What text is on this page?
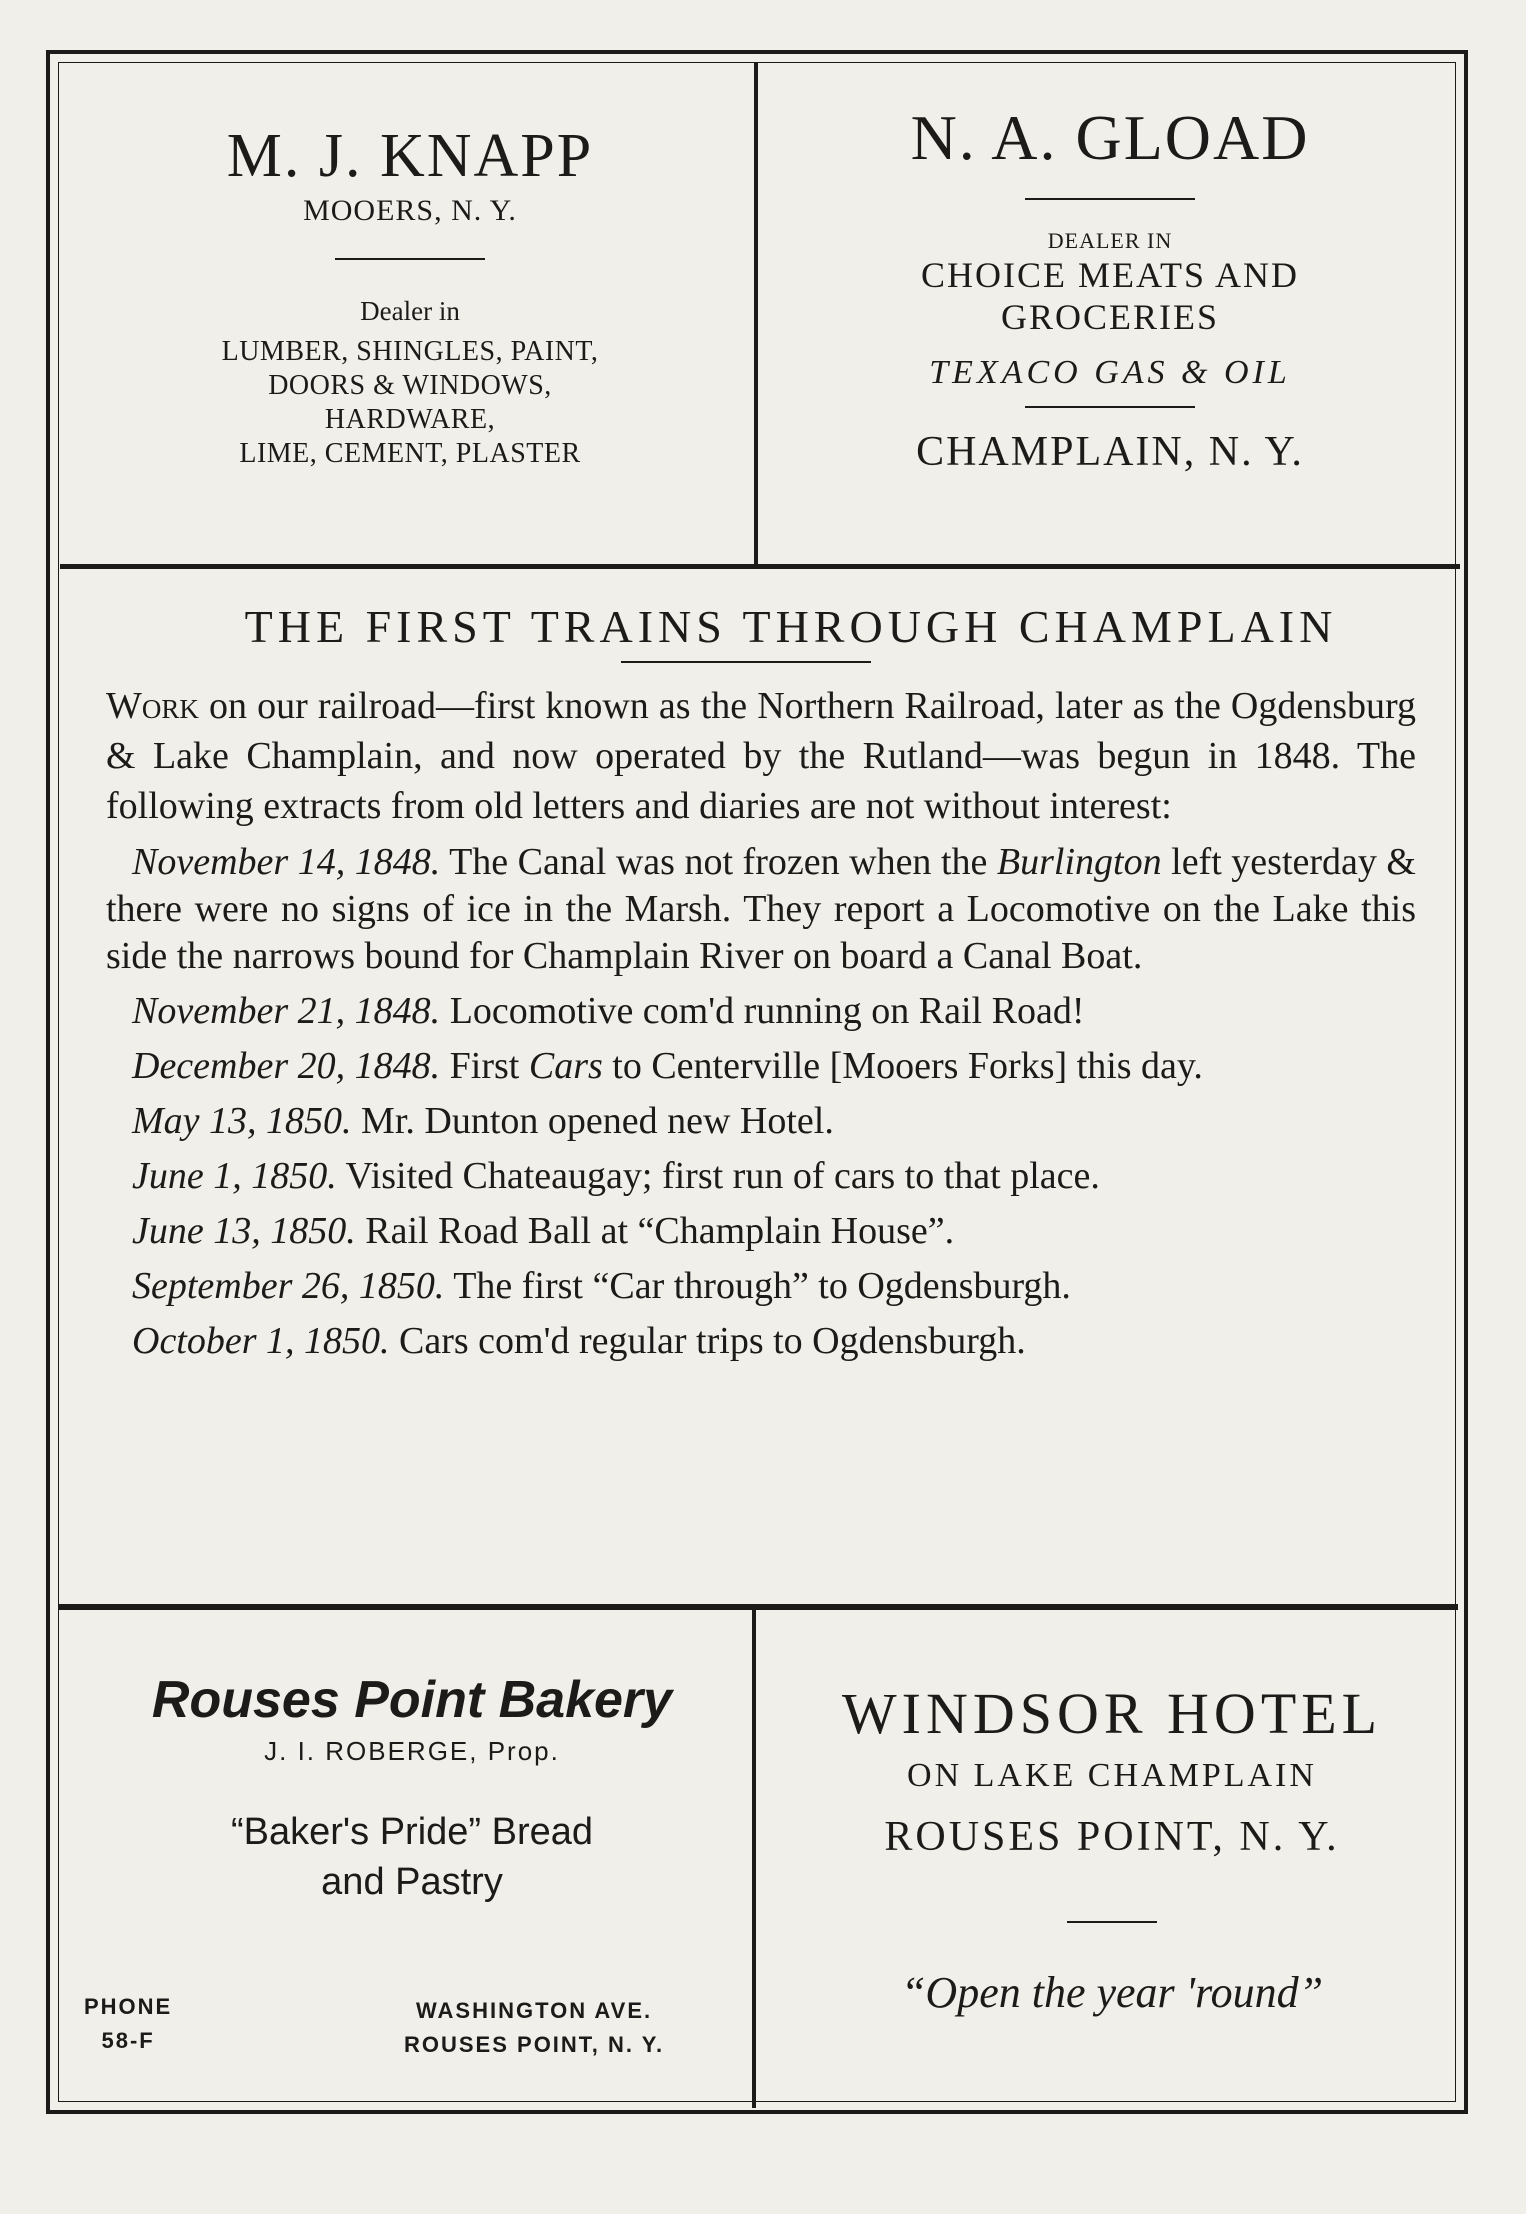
M. J. KNAPP
MOOERS, N. Y.
Dealer in
LUMBER, SHINGLES, PAINT,
DOORS & WINDOWS,
HARDWARE,
LIME, CEMENT, PLASTER
N. A. GLOAD
DEALER IN
CHOICE MEATS AND
GROCERIES
TEXACO GAS & OIL
CHAMPLAIN, N. Y.
THE FIRST TRAINS THROUGH CHAMPLAIN

Work on our railroad—first known as the Northern Railroad, later as the Ogdensburg & Lake Champlain, and now operated by the Rutland—was begun in 1848. The following extracts from old letters and diaries are not without interest:

November 14, 1848. The Canal was not frozen when the Burlington left yesterday & there were no signs of ice in the Marsh. They report a Locomotive on the Lake this side the narrows bound for Champlain River on board a Canal Boat.

November 21, 1848. Locomotive com'd running on Rail Road!

December 20, 1848. First Cars to Centerville [Mooers Forks] this day.

May 13, 1850. Mr. Dunton opened new Hotel.

June 1, 1850. Visited Chateaugay; first run of cars to that place.

June 13, 1850. Rail Road Ball at “Champlain House”.

September 26, 1850. The first “Car through” to Ogdensburgh.

October 1, 1850. Cars com'd regular trips to Ogdensburgh.

Rouses Point Bakery
J. I. ROBERGE, Prop.
“Baker's Pride” Bread
and Pastry
PHONE
58-F
WASHINGTON AVE.
ROUSES POINT, N. Y.
WINDSOR HOTEL
ON LAKE CHAMPLAIN
ROUSES POINT, N. Y.
“Open the year 'round”
